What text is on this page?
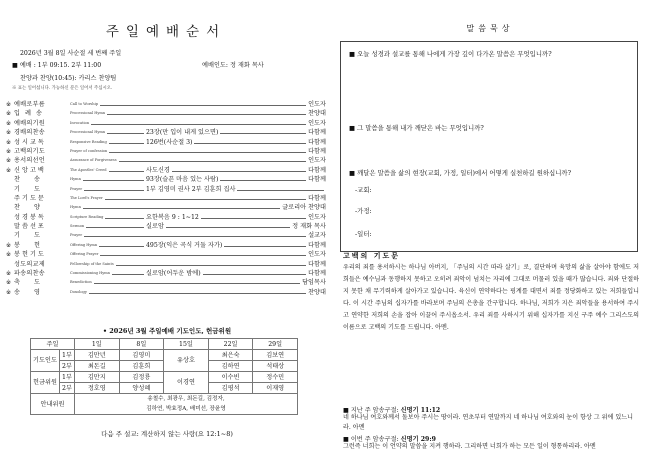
주일예배순서
2026년 3월 8일 사순절 세 번째 주일
■ 예배 : 1부 09:15. 2부 11:00	예배인도: 정 재화 목사
찬양과 찬양(10:45): 카리스 찬양팀
※ 표는 일어섭니다. 가능하신 분은 일어서 주십시오.
※ 예배로부름	Call to Worship	인도자
※ 입례송	Processional Hymn	찬양대
※ 예배의기원	Invocation	인도자
※ 경배의찬송	Processional Hymn	23장(만 입이 내게 있으면)	다함께
※ 성시교독	Responsive Reading	126번(사순절 3)	다함께
※ 고백의기도	Prayer of confession	다함께
※ 용서의선언	Assurance of Forgiveness	인도자
※ 신앙고백	The Apostles' Creed	사도신경	다함께
찬송	Hymn	93장(슬픈 마음 있는 사람)	다함께
기도	Prayer	1부 김영미 권사 2부 김훈희 집사
주기도문	The Lord's Prayer	다함께
찬양	Hymn	글로리아 찬양대
성경봉독	Scripture Reading	요한복음 9 : 1~12	인도자
말씀선포	Sermon	실로암	정 재화 목사
기도	Prayer	설교자
※ 봉헌	Offering Hymn	495장(익은 곡식 거둘 자가)	다함께
※ 봉헌기도	Offering Prayer	인도자
성도의교제	Fellowship of the Saints	다함께
※ 파송의찬송	Commissioning Hymn	실로암(어두운 밤에)	다함께
※ 축도	Benediction	담임목사
※ 송영	Doxology	찬양대
• 2026년 3월 주일예배 기도인도, 헌금위원
주일		1일	8일	15일	22일	29일
기도인도	1부	김만년	김영미	유상호	최은숙	김보연
	2부	최돈길	김훈희		김하연	석태상
헌금위원	1부	김만지	김정룡	이경연	이수빈	정수민
	2부	정호영	양성혜		김평석	이재영
안내위원		송철수, 최광우, 최돈길, 김정자,				
		김하연, 박효정A, 배미선, 장윤영				
다음 주 설교: 계산하지 않는 사랑(요 12:1~8)
말씀묵상
■ 오늘 성경과 설교를 통해 나에게 가장 깊이 다가온 말씀은 무엇입니까?
■ 그 말씀을 통해 내가 깨닫은 바는 무엇입니까?
■ 깨달은 말씀을 삶의 현장(교회, 가정, 일터)에서 어떻게 실천하길 원하십니까?
-교회:
-가정:
-일터:
고백의 기도문
우리의 죄를 용서하시는 하나님 아버지, 「주님의 시간 따라 살기」로, 결단하며 육망의 삶을 살아야 함에도 저희들은 예수님과 동행하지 못하고 오히려 죄악이 넘치는 자리에 그대로 머물러 있을 때가 많습니다. 죄와 단절하지 못한 채 무기력하게 살아가고 있습니다. 육신이 연약하다는 핑계를 대면서 죄를 정당화하고 있는 저희들입니다. 이 시간 주님의 십자가를 바라보며 주님의 은총을 간구합니다. 하나님, 저희가 지은 죄악들을 용서하여 주시고 연약한 저희의 손을 잡아 이끌어 주시옵소서. 우리 죄를 사하시기 위해 십자가를 지신 구주 예수 그리스도의 이름으로 고백의 기도를 드립니다. 아멘.
■ 지난 주 암송구절: 신명기 11:12
네 하나님 여호와께서 돌보아 주시는 땅이라. 연초부터 연말까지 네 하나님 여호와의 눈이 항상 그 위에 있느니라. 아멘
■ 이번 주 암송구절: 신명기 29:9
그런즉 너희는 이 언약의 말씀을 지켜 행하라. 그리하면 너희가 하는 모든 일이 형통하리라. 아멘
